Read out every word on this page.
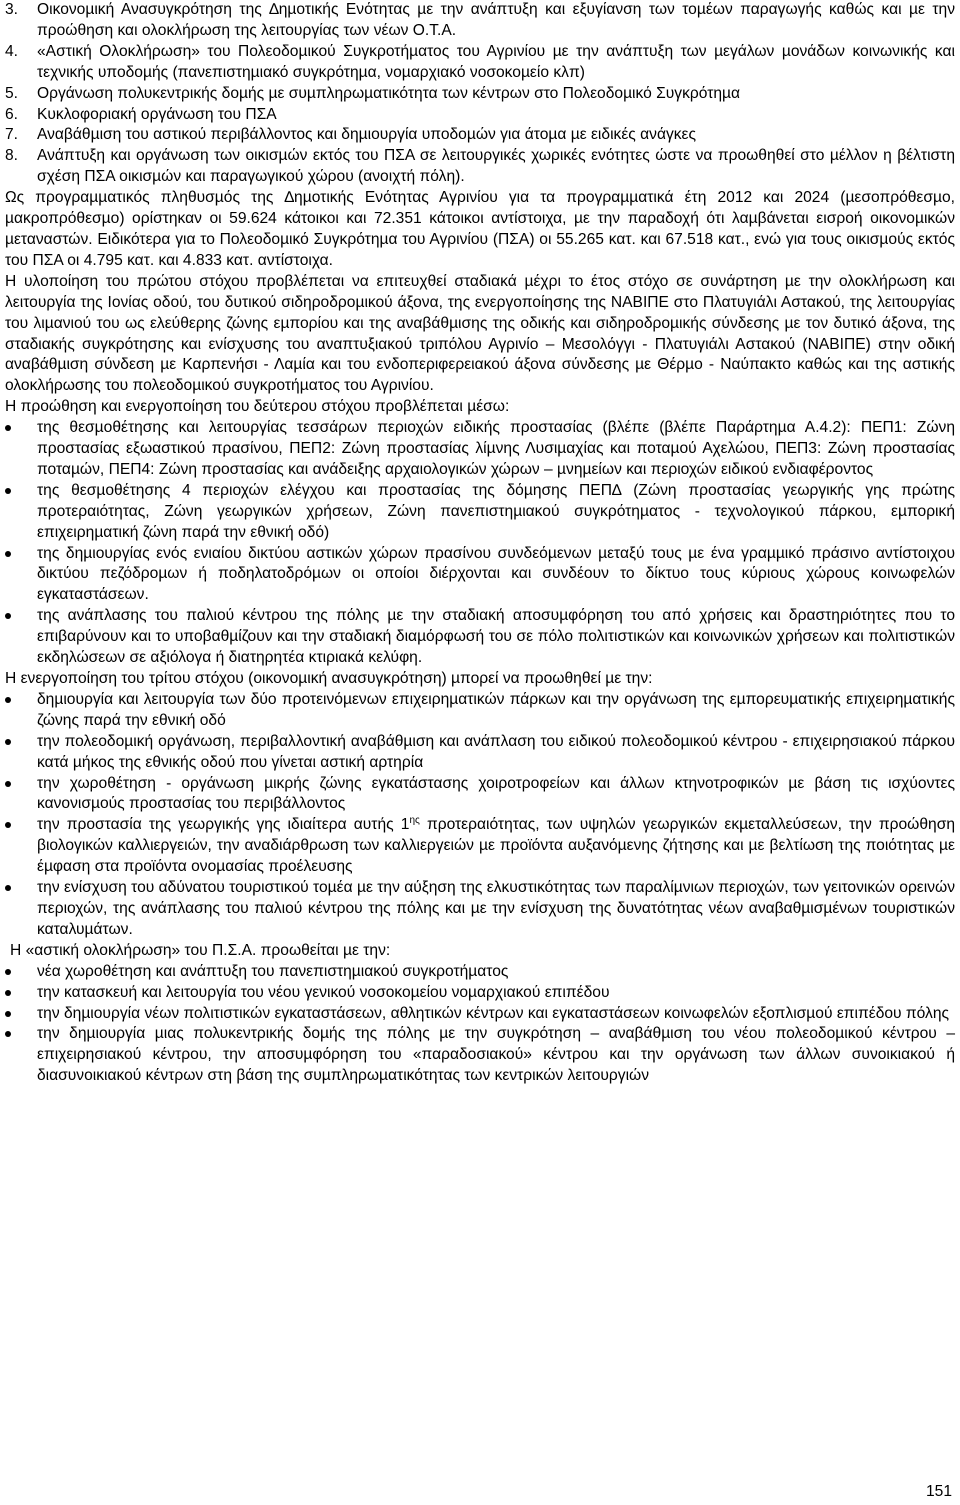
3. Οικονοµική Ανασυγκρότηση της ∆ηµοτικής Ενότητας µε την ανάπτυξη και εξυγίανση των τοµέων παραγωγής καθώς και µε την προώθηση και ολοκλήρωση της λειτουργίας των νέων Ο.Τ.Α.
4. «Αστική Ολοκλήρωση» του Πολεοδοµικού Συγκροτήµατος του Αγρινίου µε την ανάπτυξη των µεγάλων µονάδων κοινωνικής και τεχνικής υποδοµής (πανεπιστηµιακό συγκρότηµα, νοµαρχιακό νοσοκοµείο κλπ)
5. Οργάνωση πολυκεντρικής δοµής µε συµπληρωµατικότητα των κέντρων στο Πολεοδοµικό Συγκρότηµα
6. Κυκλοφοριακή οργάνωση του ΠΣΑ
7. Αναβάθµιση του αστικού περιβάλλοντος και δηµιουργία υποδοµών για άτοµα µε ειδικές ανάγκες
8. Ανάπτυξη και οργάνωση των οικισµών εκτός του ΠΣΑ σε λειτουργικές χωρικές ενότητες ώστε να προωθηθεί στο µέλλον η βέλτιστη σχέση ΠΣΑ οικισµών και παραγωγικού χώρου (ανοιχτή πόλη).

Ως προγραµµατικός πληθυσµός της ∆ηµοτικής Ενότητας Αγρινίου για τα προγραµµατικά έτη 2012 και 2024 (µεσοπρόθεσµο, µακροπρόθεσµο) ορίστηκαν οι 59.624 κάτοικοι και 72.351 κάτοικοι αντίστοιχα, µε την παραδοχή ότι λαµβάνεται εισροή οικονοµικών µεταναστών. Ειδικότερα για το Πολεοδοµικό Συγκρότηµα του Αγρινίου (ΠΣΑ) οι 55.265 κατ. και 67.518 κατ., ενώ για τους οικισµούς εκτός του ΠΣΑ οι 4.795 κατ. και 4.833 κατ. αντίστοιχα.

Η υλοποίηση του πρώτου στόχου προβλέπεται να επιτευχθεί σταδιακά µέχρι το έτος στόχο σε συνάρτηση µε την ολοκλήρωση και λειτουργία της Ιονίας οδού, του δυτικού σιδηροδροµικού άξονα, της ενεργοποίησης της ΝΑΒΙΠΕ στο Πλατυγιάλι Αστακού, της λειτουργίας του λιµανιού του ως ελεύθερης ζώνης εµπορίου και της αναβάθµισης της οδικής και σιδηροδροµικής σύνδεσης µε τον δυτικό άξονα, της σταδιακής συγκρότησης και ενίσχυσης του αναπτυξιακού τριπόλου Αγρινίο – Μεσολόγγι - Πλατυγιάλι Αστακού (ΝΑΒΙΠΕ) στην οδική αναβάθµιση σύνδεση µε Καρπενήσι - Λαµία και του ενδοπεριφερειακού άξονα σύνδεσης µε Θέρµο - Ναύπακτο καθώς και της αστικής ολοκλήρωσης του πολεοδοµικού συγκροτήµατος του Αγρινίου.

Η προώθηση και ενεργοποίηση του δεύτερου στόχου προβλέπεται µέσω:

της θεσµοθέτησης και λειτουργίας τεσσάρων περιοχών ειδικής προστασίας (βλέπε (βλέπε Παράρτηµα Α.4.2): ΠΕΠ1: Ζώνη προστασίας εξωαστικού πρασίνου, ΠΕΠ2: Ζώνη προστασίας λίµνης Λυσιµαχίας και ποταµού Αχελώου, ΠΕΠ3: Ζώνη προστασίας ποταµών, ΠΕΠ4: Ζώνη προστασίας και ανάδειξης αρχαιολογικών χώρων – µνηµείων και περιοχών ειδικού ενδιαφέροντος
της θεσµοθέτησης 4 περιοχών ελέγχου και προστασίας της δόµησης ΠΕΠ∆ (Ζώνη προστασίας γεωργικής γης πρώτης προτεραιότητας, Ζώνη γεωργικών χρήσεων, Ζώνη πανεπιστηµιακού συγκρότηµατος - τεχνολογικού πάρκου, εµπορική επιχειρηµατική ζώνη παρά την εθνική οδό)
της δηµιουργίας ενός ενιαίου δικτύου αστικών χώρων πρασίνου συνδεόµενων µεταξύ τους µε ένα γραµµικό πράσινο αντίστοιχου δικτύου πεζόδροµων ή ποδηλατοδρόµων οι οποίοι διέρχονται και συνδέουν το δίκτυο τους κύριους χώρους κοινωφελών εγκαταστάσεων.
της ανάπλασης του παλιού κέντρου της πόλης µε την σταδιακή αποσυµφόρηση του από χρήσεις και δραστηριότητες που το επιβαρύνουν και το υποβαθµίζουν και την σταδιακή διαµόρφωσή του σε πόλο πολιτιστικών και κοινωνικών χρήσεων και πολιτιστικών εκδηλώσεων σε αξιόλογα ή διατηρητέα κτιριακά κελύφη.

Η ενεργοποίηση του τρίτου στόχου (οικονοµική ανασυγκρότηση) µπορεί να προωθηθεί µε την:

δηµιουργία και λειτουργία των δύο προτεινόµενων επιχειρηµατικών πάρκων και την οργάνωση της εµπορευµατικής επιχειρηµατικής ζώνης παρά την εθνική οδό
την πολεοδοµική οργάνωση, περιβαλλοντική αναβάθµιση και ανάπλαση του ειδικού πολεοδοµικού κέντρου - επιχειρησιακού πάρκου κατά µήκος της εθνικής οδού που γίνεται αστική αρτηρία
την χωροθέτηση - οργάνωση µικρής ζώνης εγκατάστασης χοιροτροφείων και άλλων κτηνοτροφικών µε βάση τις ισχύοντες κανονισµούς προστασίας του περιβάλλοντος
την προστασία της γεωργικής γης ιδιαίτερα αυτής $1^{\eta\varsigma}$ προτεραιότητας, των υψηλών γεωργικών εκµεταλλεύσεων, την προώθηση βιολογικών καλλιεργειών, την αναδιάρθρωση των καλλιεργειών µε προϊόντα αυξανόµενης ζήτησης και µε βελτίωση της ποιότητας µε έµφαση στα προϊόντα ονοµασίας προέλευσης
την ενίσχυση του αδύνατου τουριστικού τοµέα µε την αύξηση της ελκυστικότητας των παραλίµνιων περιοχών, των γειτονικών ορεινών περιοχών, της ανάπλασης του παλιού κέντρου της πόλης και µε την ενίσχυση της δυνατότητας νέων αναβαθµισµένων τουριστικών καταλυµάτων.

Η «αστική ολοκλήρωση» του Π.Σ.Α. προωθείται µε την:

νέα χωροθέτηση και ανάπτυξη του πανεπιστηµιακού συγκροτήµατος
την κατασκευή και λειτουργία του νέου γενικού νοσοκοµείου νοµαρχιακού επιπέδου
την δηµιουργία νέων πολιτιστικών εγκαταστάσεων, αθλητικών κέντρων και εγκαταστάσεων κοινωφελών εξοπλισµού επιπέδου πόλης
την δηµιουργία µιας πολυκεντρικής δοµής της πόλης µε την συγκρότηση – αναβάθµιση του νέου πολεοδοµικού κέντρου – επιχειρησιακού κέντρου, την αποσυµφόρηση του «παραδοσιακού» κέντρου και την οργάνωση των άλλων συνοικιακού ή διασυνοικιακού κέντρων στη βάση της συµπληρωµατικότητας των κεντρικών λειτουργιών
151
